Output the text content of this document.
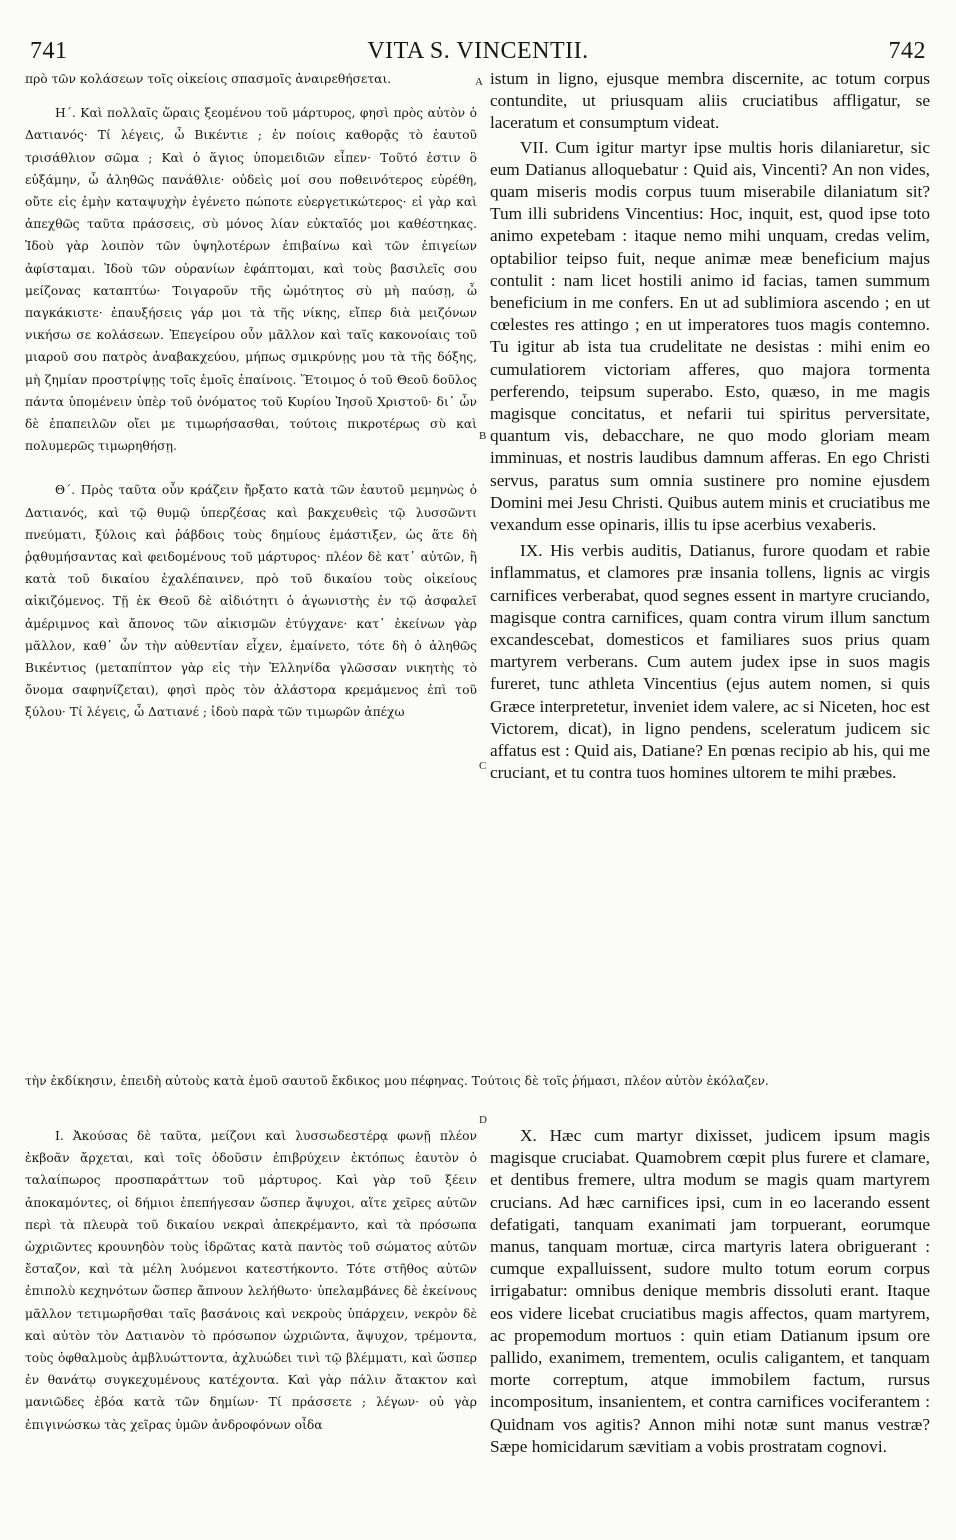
741	VITA S. VINCENTII.	742
A
B
C
D

πρὸ τῶν κολάσεων τοῖς οἰκείοις σπασμοῖς ἀναιρεθήσεται.

Η΄. Καὶ πολλαῖς ὥραις ξεομένου τοῦ μάρτυρος, φησὶ πρὸς αὐτὸν ὁ Δατιανός· Τί λέγεις, ὦ Βικέντιε ; ἐν ποίοις καθορᾷς τὸ ἑαυτοῦ τρισάθλιον σῶμα ; Καὶ ὁ ἅγιος ὑπομειδιῶν εἶπεν· Τοῦτό ἐστιν ὃ εὐξάμην, ὦ ἀληθῶς πανάθλιε· οὐδεὶς μοί σου ποθεινότερος εὑρέθη, οὔτε εἰς ἐμὴν καταψυχὴν ἐγένετο πώποτε εὐεργετικώτερος· εἰ γὰρ καὶ ἀπεχθῶς ταῦτα πράσσεις, σὺ μόνος λίαν εὐκταῖός μοι καθέστηκας. Ἰδοὺ γὰρ λοιπὸν τῶν ὑψηλοτέρων ἐπιβαίνω καὶ τῶν ἐπιγείων ἀφίσταμαι. Ἰδοὺ τῶν οὐρανίων ἐφάπτομαι, καὶ τοὺς βασιλεῖς σου μείζονας καταπτύω· Τοιγαροῦν τῆς ὠμότητος σὺ μὴ παύσῃ, ὦ παγκάκιστε· ἐπαυξήσεις γάρ μοι τὰ τῆς νίκης, εἴπερ διὰ μειζόνων νικήσω σε κολάσεων. Ἐπεγείρου οὖν μᾶλλον καὶ ταῖς κακονοίαις τοῦ μιαροῦ σου πατρὸς ἀναβακχεύου, μήπως σμικρύνῃς μου τὰ τῆς δόξης, μὴ ζημίαν προστρίψῃς τοῖς ἐμοῖς ἐπαίνοις. Ἕτοιμος ὁ τοῦ Θεοῦ δοῦλος πάντα ὑπομένειν ὑπὲρ τοῦ ὀνόματος τοῦ Κυρίου Ἰησοῦ Χριστοῦ· δι᾽ ὧν δὲ ἐπαπειλῶν οἴει με τιμωρήσασθαι, τούτοις πικροτέρως σὺ καὶ πολυμερῶς τιμωρηθήσῃ.

Θ΄. Πρὸς ταῦτα οὖν κράζειν ἤρξατο κατὰ τῶν ἑαυτοῦ μεμηνὼς ὁ Δατιανός, καὶ τῷ θυμῷ ὑπερζέσας καὶ βακχευθεὶς τῷ λυσσῶντι πνεύματι, ξύλοις καὶ ῥάβδοις τοὺς δημίους ἐμάστιξεν, ὡς ἅτε δὴ ῥᾳθυμήσαντας καὶ φειδομένους τοῦ μάρτυρος· πλέον δὲ κατ᾽ αὐτῶν, ἢ κατὰ τοῦ δικαίου ἐχαλέπαινεν, πρὸ τοῦ δικαίου τοὺς οἰκείους αἰκιζόμενος. Τῇ ἐκ Θεοῦ δὲ αἰδιότητι ὁ ἀγωνιστὴς ἐν τῷ ἀσφαλεῖ ἀμέριμνος καὶ ἄπονος τῶν αἰκισμῶν ἐτύγχανε· κατ᾽ ἐκείνων γὰρ μᾶλλον, καθ᾽ ὧν τὴν αὐθεντίαν εἶχεν, ἐμαίνετο, τότε δὴ ὁ ἀληθῶς Βικέντιος (μεταπίπτον γὰρ εἰς τὴν Ἑλληνίδα γλῶσσαν νικητὴς τὸ ὄνομα σαφηνίζεται), φησὶ πρὸς τὸν ἀλάστορα κρεμάμενος ἐπὶ τοῦ ξύλου· Τί λέγεις, ὦ Δατιανέ ; ἰδοὺ παρὰ τῶν τιμωρῶν ἀπέχω

istum in ligno, ejusque membra discernite, ac totum corpus contundite, ut priusquam aliis cruciatibus affligatur, se laceratum et consumptum videat.

VII. Cum igitur martyr ipse multis horis dilaniaretur, sic eum Datianus alloquebatur : Quid ais, Vincenti? An non vides, quam miseris modis corpus tuum miserabile dilaniatum sit? Tum illi subridens Vincentius: Hoc, inquit, est, quod ipse toto animo expetebam : itaque nemo mihi unquam, credas velim, optabilior teipso fuit, neque animæ meæ beneficium majus contulit : nam licet hostili animo id facias, tamen summum beneficium in me confers. En ut ad sublimiora ascendo ; en ut cœlestes res attingo ; en ut imperatores tuos magis contemno. Tu igitur ab ista tua crudelitate ne desistas : mihi enim eo cumulatiorem victoriam afferes, quo majora tormenta perferendo, teipsum superabo. Esto, quæso, in me magis magisque concitatus, et nefarii tui spiritus perversitate, quantum vis, debacchare, ne quo modo gloriam meam imminuas, et nostris laudibus damnum afferas. En ego Christi servus, paratus sum omnia sustinere pro nomine ejusdem Domini mei Jesu Christi. Quibus autem minis et cruciatibus me vexandum esse opinaris, illis tu ipse acerbius vexaberis.

IX. His verbis auditis, Datianus, furore quodam et rabie inflammatus, et clamores præ insania tollens, lignis ac virgis carnifices verberabat, quod segnes essent in martyre cruciando, magisque contra carnifices, quam contra virum illum sanctum excandescebat, domesticos et familiares suos prius quam martyrem verberans. Cum autem judex ipse in suos magis fureret, tunc athleta Vincentius (ejus autem nomen, si quis Græce interpretetur, inveniet idem valere, ac si Niceten, hoc est Victorem, dicat), in ligno pendens, sceleratum judicem sic affatus est : Quid ais, Datiane? En pœnas recipio ab his, qui me cruciant, et tu contra tuos homines ultorem te mihi præbes.

τὴν ἐκδίκησιν, ἐπειδὴ αὐτοὺς κατὰ ἐμοῦ σαυτοῦ ἔκδικος μου πέφηνας. Τούτοις δὲ τοῖς ῥήμασι, πλέον αὐτὸν ἐκόλαζεν.

Ι. Ἀκούσας δὲ ταῦτα, μείζονι καὶ λυσσωδεστέρᾳ φωνῇ πλέον ἐκβοᾶν ἄρχεται, καὶ τοῖς ὀδοῦσιν ἐπιβρύχειν ἐκτόπως ἑαυτὸν ὁ ταλαίπωρος προσπαράττων τοῦ μάρτυρος. Καὶ γὰρ τοῦ ξέειν ἀποκαμόντες, οἱ δήμιοι ἐπεπήγεσαν ὥσπερ ἄψυχοι, αἵτε χεῖρες αὐτῶν περὶ τὰ πλευρὰ τοῦ δικαίου νεκραὶ ἀπεκρέμαντο, καὶ τὰ πρόσωπα ὠχριῶντες κρουνηδὸν τοὺς ἱδρῶτας κατὰ παντὸς τοῦ σώματος αὐτῶν ἔσταζον, καὶ τὰ μέλη λυόμενοι κατεστήκοντο. Τότε στῆθος αὐτῶν ἐπιπολὺ κεχηνότων ὥσπερ ἄπνουν λελήθωτο· ὑπελαμβάνες δὲ ἐκείνους μᾶλλον τετιμωρῆσθαι ταῖς βασάνοις καὶ νεκροὺς ὑπάρχειν, νεκρὸν δὲ καὶ αὐτὸν τὸν Δατιανὸν τὸ πρόσωπον ὠχριῶντα, ἄψυχον, τρέμοντα, τοὺς ὀφθαλμοὺς ἀμβλυώττοντα, ἀχλυώδει τινὶ τῷ βλέμματι, καὶ ὥσπερ ἐν θανάτῳ συγκεχυμένους κατέχοντα. Καὶ γὰρ πάλιν ἄτακτον καὶ μανιῶδες ἐβόα κατὰ τῶν δημίων· Τί πράσσετε ; λέγων· οὐ γὰρ ἐπιγινώσκω τὰς χεῖρας ὑμῶν ἀνδροφόνων οἶδα

X. Hæc cum martyr dixisset, judicem ipsum magis magisque cruciabat. Quamobrem cœpit plus furere et clamare, et dentibus fremere, ultra modum se magis quam martyrem crucians. Ad hæc carnifices ipsi, cum in eo lacerando essent defatigati, tanquam exanimati jam torpuerant, eorumque manus, tanquam mortuæ, circa martyris latera obriguerant : cumque expalluissent, sudore multo totum eorum corpus irrigabatur: omnibus denique membris dissoluti erant. Itaque eos videre licebat cruciatibus magis affectos, quam martyrem, ac propemodum mortuos : quin etiam Datianum ipsum ore pallido, exanimem, trementem, oculis caligantem, et tanquam morte correptum, atque immobilem factum, rursus incompositum, insanientem, et contra carnifices vociferantem : Quidnam vos agitis? Annon mihi notæ sunt manus vestræ? Sæpe homicidarum sævitiam a vobis prostratam cognovi.
